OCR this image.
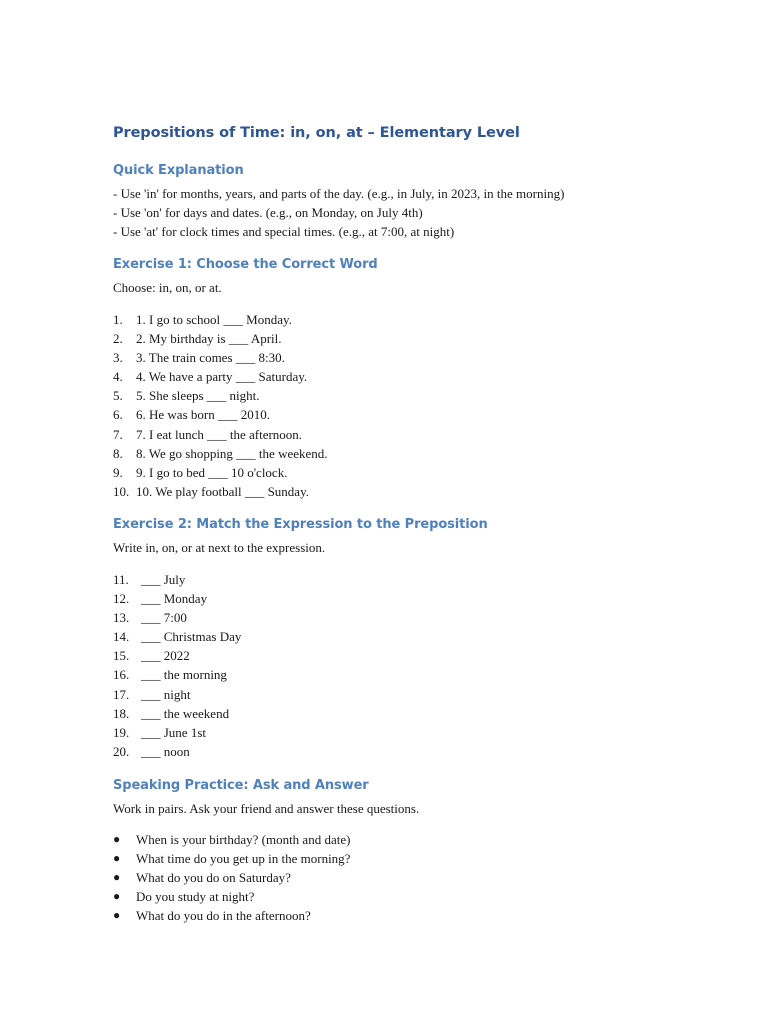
Prepositions of Time: in, on, at – Elementary Level
Quick Explanation
- Use 'in' for months, years, and parts of the day. (e.g., in July, in 2023, in the morning)
- Use 'on' for days and dates. (e.g., on Monday, on July 4th)
- Use 'at' for clock times and special times. (e.g., at 7:00, at night)
Exercise 1: Choose the Correct Word

Choose: in, on, or at.

1. 1. I go to school ___ Monday.
2. 2. My birthday is ___ April.
3. 3. The train comes ___ 8:30.
4. 4. We have a party ___ Saturday.
5. 5. She sleeps ___ night.
6. 6. He was born ___ 2010.
7. 7. I eat lunch ___ the afternoon.
8. 8. We go shopping ___ the weekend.
9. 9. I go to bed ___ 10 o'clock.
10. 10. We play football ___ Sunday.
Exercise 2: Match the Expression to the Preposition

Write in, on, or at next to the expression.

11. ___ July
12. ___ Monday
13. ___ 7:00
14. ___ Christmas Day
15. ___ 2022
16. ___ the morning
17. ___ night
18. ___ the weekend
19. ___ June 1st
20. ___ noon
Speaking Practice: Ask and Answer

Work in pairs. Ask your friend and answer these questions.

● When is your birthday? (month and date)
● What time do you get up in the morning?
● What do you do on Saturday?
● Do you study at night?
● What do you do in the afternoon?
